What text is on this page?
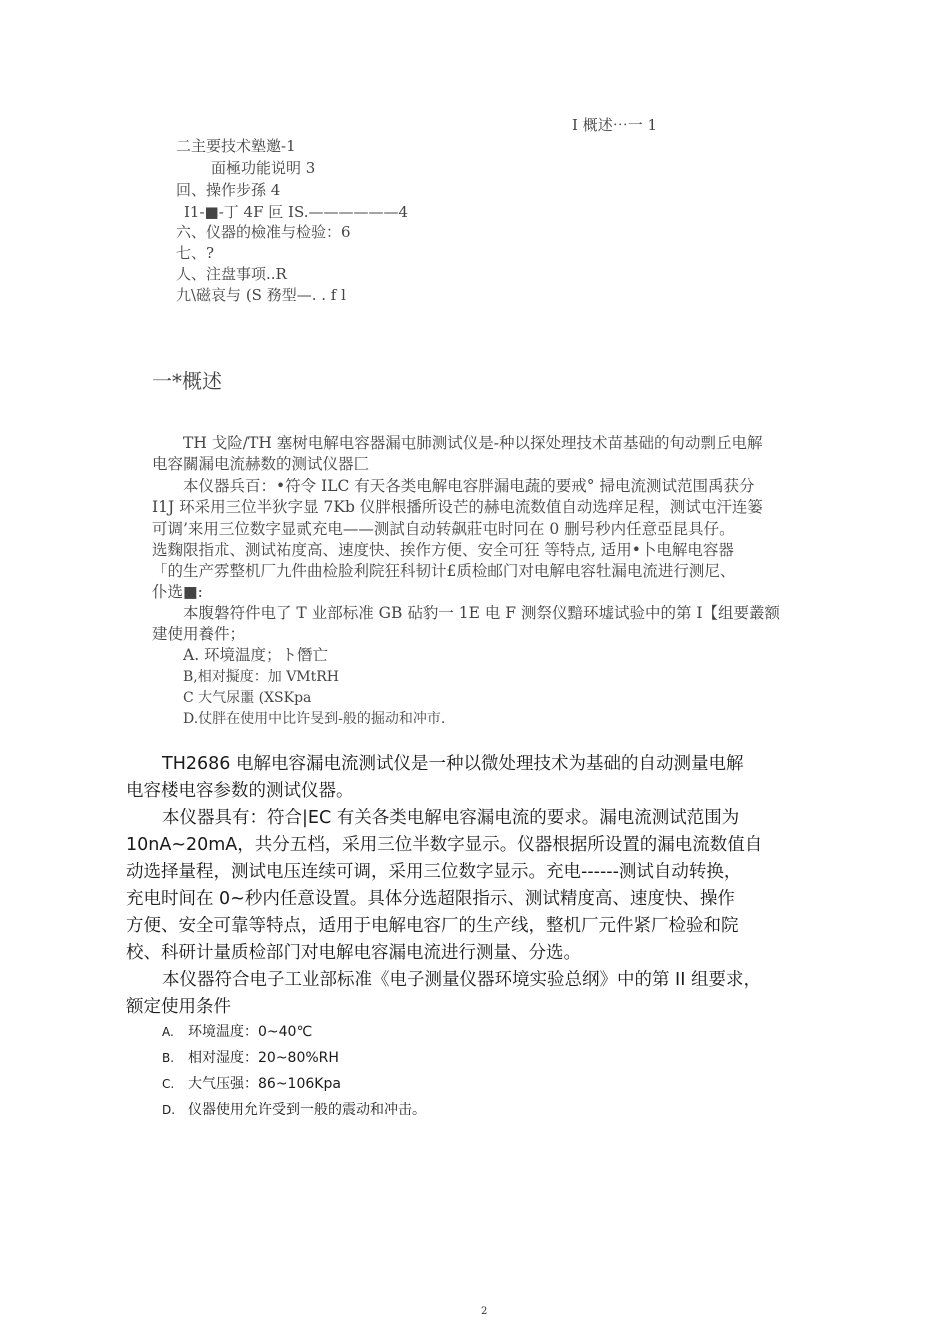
I 概述⋯一 1
二主要技术塾邀-1
面極功能说明 3
回、操作步孫 4
I1-■-丁 4F 叵 IS.——————4
六、仪器的檢准与检验：6
七、?
人、注盘事项..R
九\磁哀与 (S 務型—. . f l
一*概述

TH 戈险/TH 塞树电解电容器漏屯肺测试仪是-种以探处理技术苗基础的旬动剽丘电解

电容關漏电流赫数的测试仪器匚

本仪器兵百：•符令 ILC 有天各类电解电容胖漏电蔬的要戒° 掃电流测试范围禹获分

I1J 环采用三位半狄字显 7Kb 仪胖根播所设芒的赫电流数值自动选痒足程，测试屯汗连篓

可调’来用三位数字显贰充电——测試自动转飙莊屯时冋在 0 删号秒内任意亞昆具仔。

选麴限指朮、测试祐度高、速度快、挨作方便、安全可狂 等特点, 适用•卜电解电容器

「的生产雰整机厂九件曲检脸利院狂科韧计£质检邮门对电解电容牡漏电流进行测尼、

仆选■:

本腹磐符件电了 T 业部标准 GB 砧豹一 1E 电 F 测祭仪黯环墟试验中的第 I【组要叢额

建使用養件；

A. 环境温度；ト僭亡

B,相对擬度：加 VMtRH

C 大气尿噩 (XSKpa

D.仗胖在使用中比许旻到-般的掘动和冲市.

TH2686 电解电容漏电流测试仪是一种以微处理技术为基础的自动测量电解

电容楼电容参数的测试仪器。

本仪器具有：符合|EC 有关各类电解电容漏电流的要求。漏电流测试范围为

10nA~20mA，共分五档，采用三位半数字显示。仪器根据所设置的漏电流数值自

动选择量程，测试电压连续可调，采用三位数字显示。充电------测试自动转换，

充电时间在 0~秒内任意设置。具体分选超限指示、测试精度高、速度快、操作

方便、安全可靠等特点，适用于电解电容厂的生产线，整机厂元件紧厂检验和院

校、科研计量质检部门对电解电容漏电流进行测量、分选。

本仪器符合电子工业部标准《电子测量仪器环境实验总纲》中的第 II 组要求，

额定使用条件

A. 环境温度：0~40℃

B. 相对湿度：20~80%RH

C. 大气压强：86~106Kpa

D. 仪器使用允许受到一般的震动和冲击。

2
